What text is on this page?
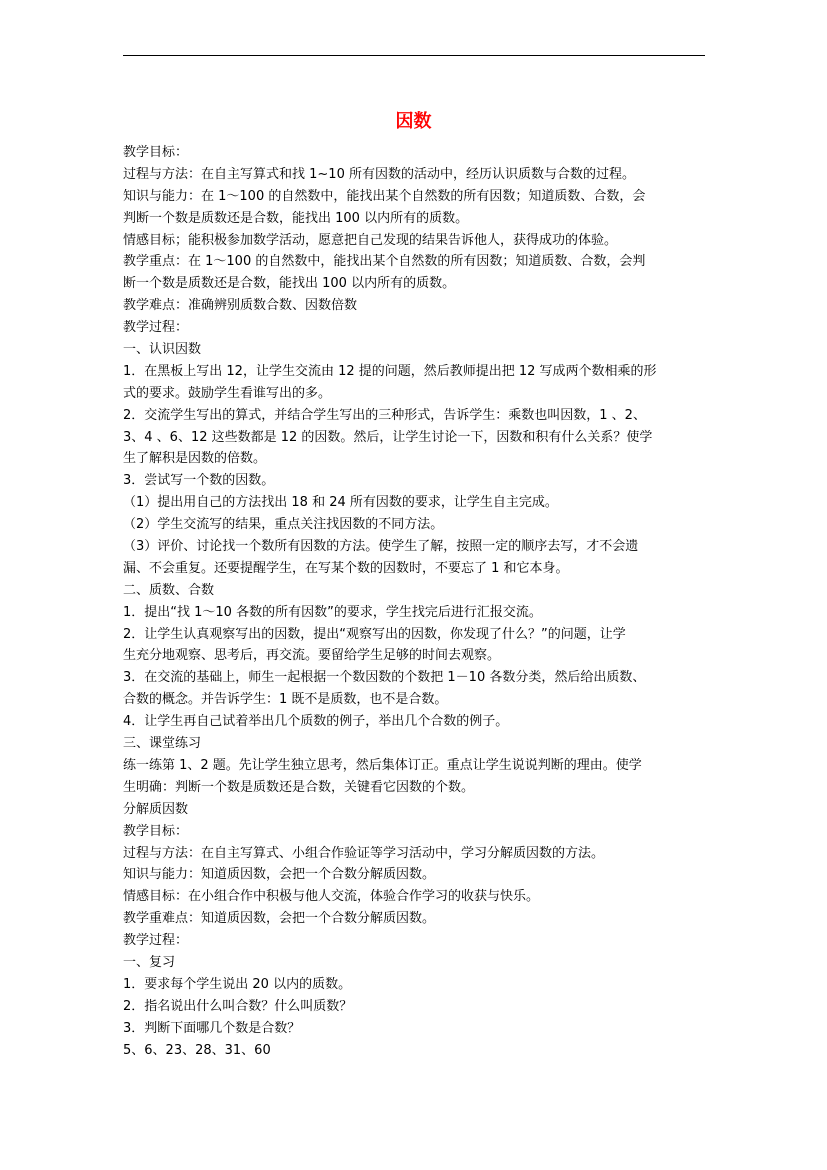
因数
教学目标：
过程与方法：在自主写算式和找 1~10 所有因数的活动中，经历认识质数与合数的过程。
知识与能力：在 1～100 的自然数中，能找出某个自然数的所有因数；知道质数、合数，会
判断一个数是质数还是合数，能找出 100 以内所有的质数。
情感目标；能积极参加数学活动，愿意把自己发现的结果告诉他人，获得成功的体验。
教学重点：在 1～100 的自然数中，能找出某个自然数的所有因数；知道质数、合数，会判
断一个数是质数还是合数，能找出 100 以内所有的质数。
教学难点：准确辨别质数合数、因数倍数
教学过程：
一、认识因数
1．在黑板上写出 12，让学生交流由 12 提的问题，然后教师提出把 12 写成两个数相乘的形
式的要求。鼓励学生看谁写出的多。
2．交流学生写出的算式，并结合学生写出的三种形式，告诉学生：乘数也叫因数，1 、2、
3、4 、6、12 这些数都是 12 的因数。然后，让学生讨论一下，因数和积有什么关系？使学
生了解积是因数的倍数。
3．尝试写一个数的因数。
（1）提出用自己的方法找出 18 和 24 所有因数的要求，让学生自主完成。
（2）学生交流写的结果，重点关注找因数的不同方法。
（3）评价、讨论找一个数所有因数的方法。使学生了解，按照一定的顺序去写，才不会遗
漏、不会重复。还要提醒学生，在写某个数的因数时，不要忘了 1 和它本身。
二、质数、合数
1．提出“找 1～10 各数的所有因数”的要求，学生找完后进行汇报交流。
2．让学生认真观察写出的因数，提出“观察写出的因数，你发现了什么？”的问题，让学
生充分地观察、思考后，再交流。要留给学生足够的时间去观察。
3．在交流的基础上，师生一起根据一个数因数的个数把 1－10 各数分类，然后给出质数、
合数的概念。并告诉学生：1 既不是质数，也不是合数。
4．让学生再自己试着举出几个质数的例子，举出几个合数的例子。
三、课堂练习
练一练第 1、2 题。先让学生独立思考，然后集体订正。重点让学生说说判断的理由。使学
生明确：判断一个数是质数还是合数，关键看它因数的个数。
分解质因数
教学目标：
过程与方法：在自主写算式、小组合作验证等学习活动中，学习分解质因数的方法。
知识与能力：知道质因数，会把一个合数分解质因数。
情感目标：在小组合作中积极与他人交流，体验合作学习的收获与快乐。
教学重难点：知道质因数，会把一个合数分解质因数。
教学过程：
一、复习
1．要求每个学生说出 20 以内的质数。
2．指名说出什么叫合数？什么叫质数？
3．判断下面哪几个数是合数？
5、6、23、28、31、60
